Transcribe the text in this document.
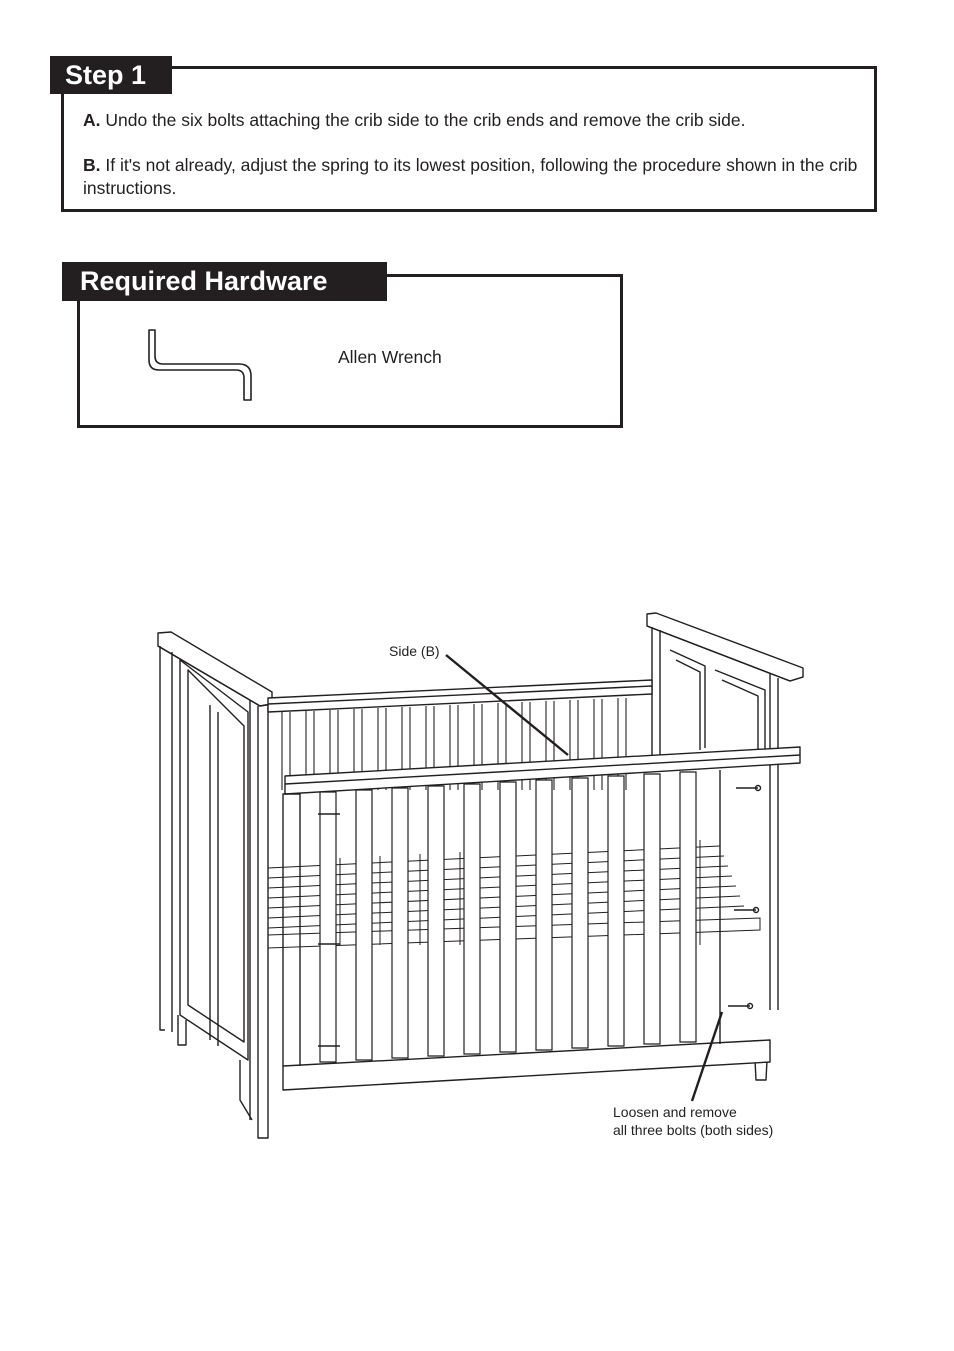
Step 1
A. Undo the six bolts attaching the crib side to the crib ends and remove the crib side.
B. If it's not already, adjust the spring to its lowest position, following the procedure shown in the crib instructions.
Required Hardware
Allen Wrench
Side (B)
Loosen and remove
all three bolts (both sides)
